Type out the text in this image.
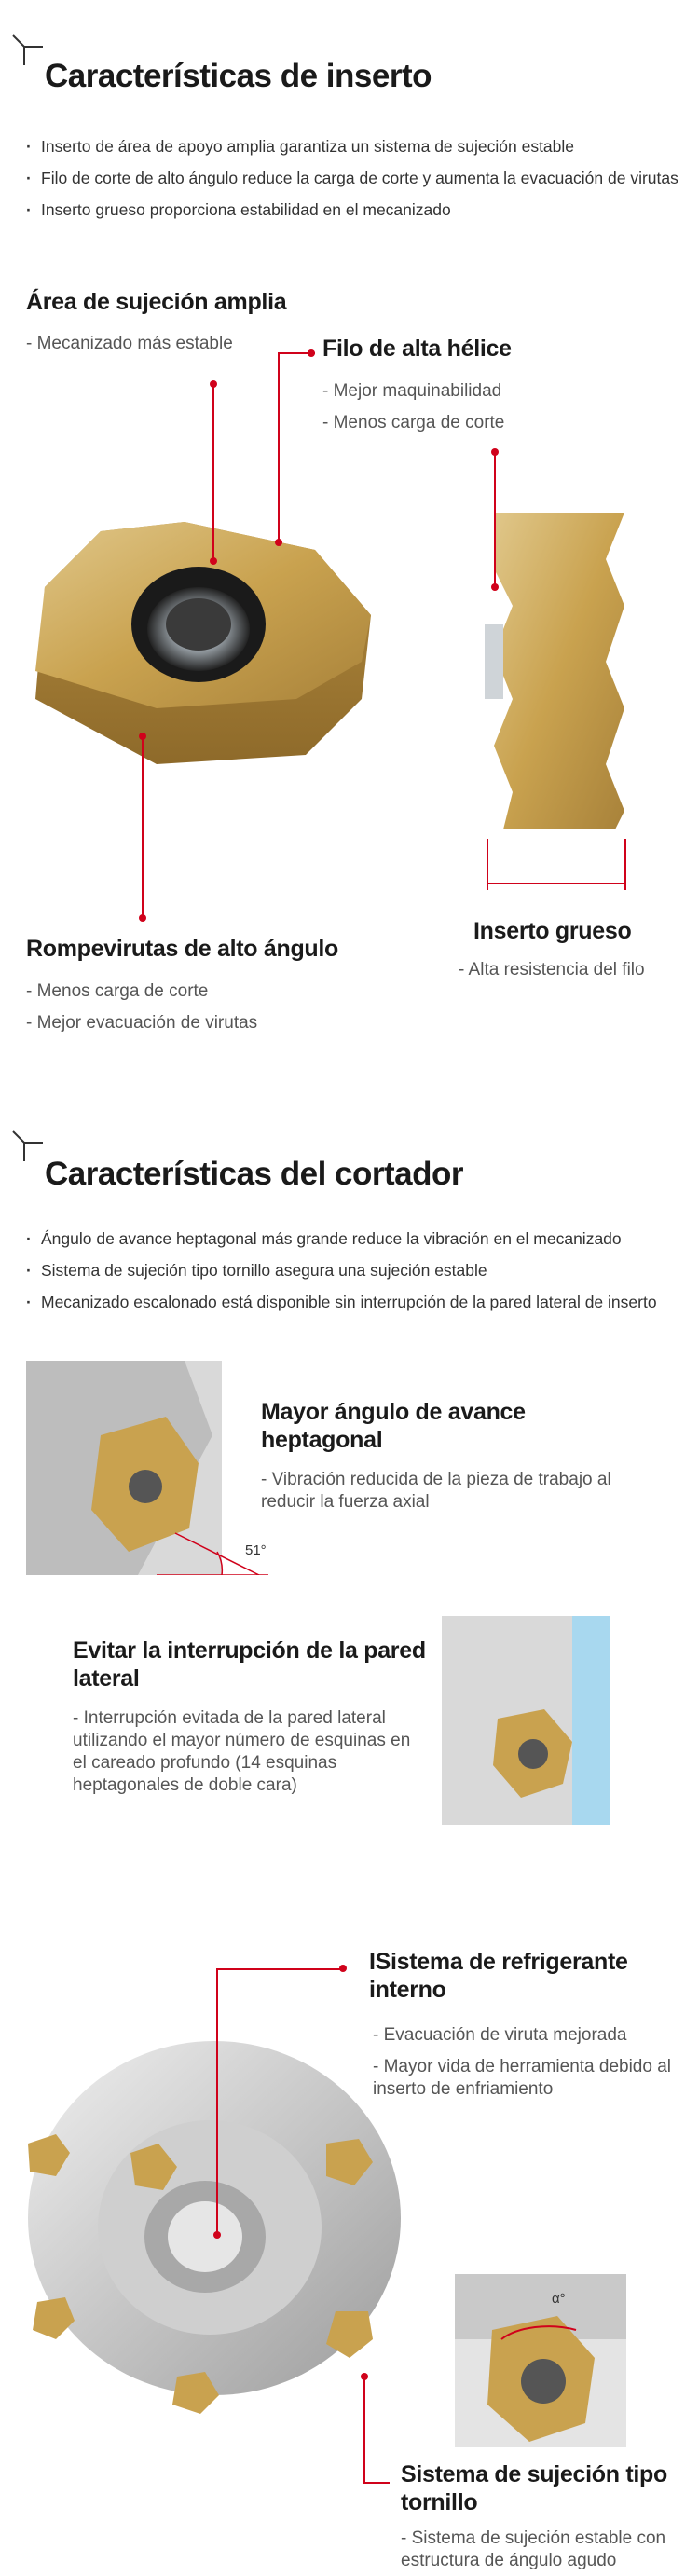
Características de inserto
· Inserto de área de apoyo amplia garantiza un sistema de sujeción estable
· Filo de corte de alto ángulo reduce la carga de corte y aumenta la evacuación de virutas
· Inserto grueso proporciona estabilidad en el mecanizado
Área de sujeción amplia
- Mecanizado más estable	Filo de alta hélice
- Mejor maquinabilidad
- Menos carga de corte
Inserto grueso
- Alta resistencia del filo
Rompevirutas de alto ángulo
- Menos carga de corte
- Mejor evacuación de virutas
Características del cortador
· Ángulo de avance heptagonal más grande reduce la vibración en el mecanizado
· Sistema de sujeción tipo tornillo asegura una sujeción estable
· Mecanizado escalonado está disponible sin interrupción de la pared lateral de inserto
51°
Mayor ángulo de avance heptagonal
- Vibración reducida de la pieza de trabajo al reducir la fuerza axial
Evitar la interrupción de la pared lateral
- Interrupción evitada de la pared lateral utilizando el mayor número de esquinas en el careado profundo (14 esquinas heptagonales de doble cara)
ISistema de refrigerante interno
- Evacuación de viruta mejorada
- Mayor vida de herramienta debido al inserto de enfriamiento
α°
Sistema de sujeción tipo tornillo
- Sistema de sujeción estable con estructura de ángulo agudo
